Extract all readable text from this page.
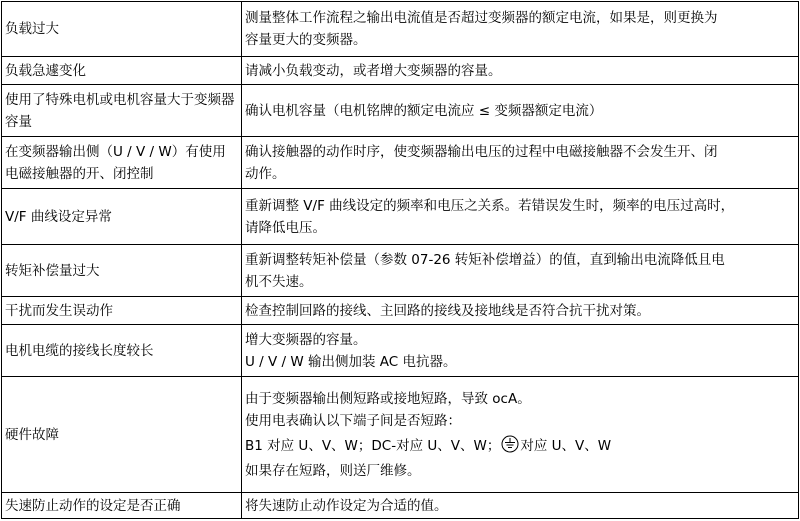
负载过大	测量整体工作流程之输出电流值是否超过变频器的额定电流，如果是，则更换为
容量更大的变频器。

负载急遽变化	请减小负载变动，或者增大变频器的容量。

使用了特殊电机或电机容量大于变频器容量	确认电机容量（电机铭牌的额定电流应 ≤ 变频器额定电流）

在变频器输出侧（U / V / W）有使用电磁接触器的开、闭控制	确认接触器的动作时序，使变频器输出电压的过程中电磁接触器不会发生开、闭
动作。

V/F 曲线设定异常	重新调整 V/F 曲线设定的频率和电压之关系。若错误发生时，频率的电压过高时，
请降低电压。

转矩补偿量过大	重新调整转矩补偿量（参数 07-26 转矩补偿增益）的值，直到输出电流降低且电
机不失速。

干扰而发生误动作	检查控制回路的接线、主回路的接线及接地线是否符合抗干扰对策。

电机电缆的接线长度较长	增大变频器的容量。
U / V / W 输出侧加装 AC 电抗器。

硬件故障	由于变频器输出侧短路或接地短路，导致 ocA。
使用电表确认以下端子间是否短路：
B1 对应 U、V、W；DC-对应 U、V、W； 对应 U、V、W
如果存在短路，则送厂维修。

失速防止动作的设定是否正确	将失速防止动作设定为合适的值。
